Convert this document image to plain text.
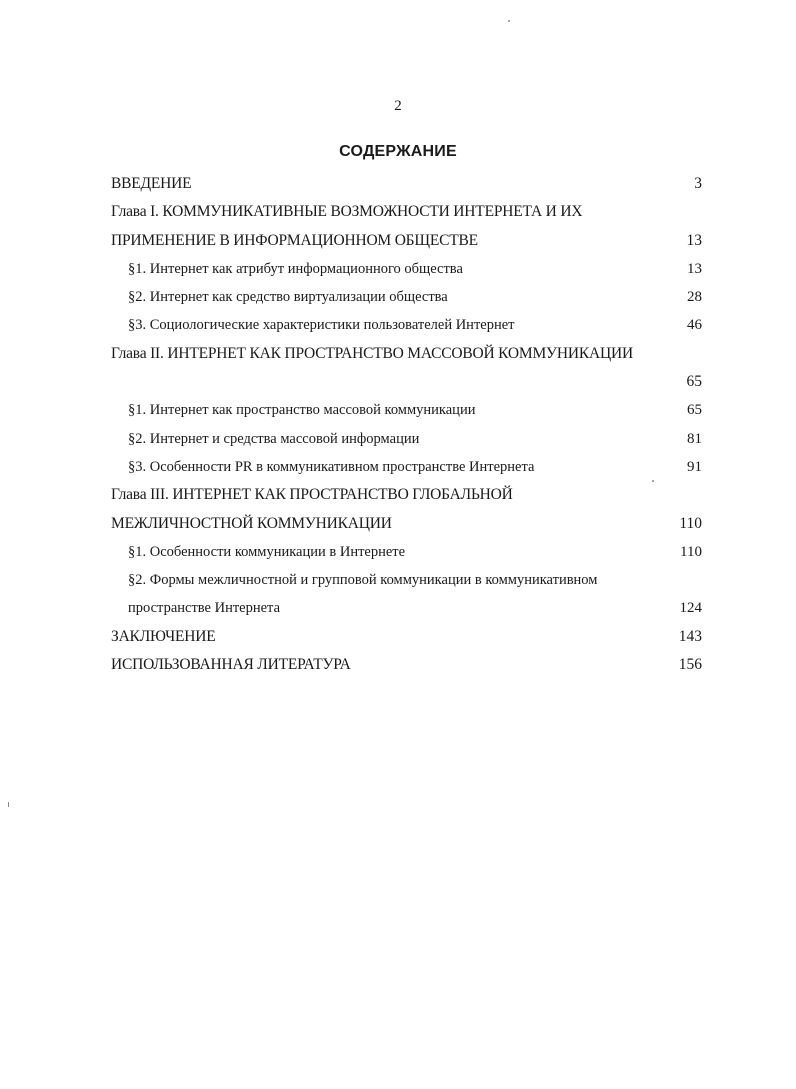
2
СОДЕРЖАНИЕ
ВВЕДЕНИЕ	3
Глава I. КОММУНИКАТИВНЫЕ ВОЗМОЖНОСТИ ИНТЕРНЕТА И ИХ
ПРИМЕНЕНИЕ В ИНФОРМАЦИОННОМ ОБЩЕСТВЕ	13
§1. Интернет как атрибут информационного общества	13
§2. Интернет как средство виртуализации общества	28
§3. Социологические характеристики пользователей Интернет	46
Глава II. ИНТЕРНЕТ КАК ПРОСТРАНСТВО МАССОВОЙ КОММУНИКАЦИИ
65
§1. Интернет как пространство массовой коммуникации	65
§2. Интернет и средства массовой информации	81
§3. Особенности PR в коммуникативном пространстве Интернета	91
Глава III. ИНТЕРНЕТ КАК ПРОСТРАНСТВО ГЛОБАЛЬНОЙ
МЕЖЛИЧНОСТНОЙ КОММУНИКАЦИИ	110
§1. Особенности коммуникации в Интернете	110
§2. Формы межличностной и групповой коммуникации в коммуникативном
пространстве Интернета	124
ЗАКЛЮЧЕНИЕ	143
ИСПОЛЬЗОВАННАЯ ЛИТЕРАТУРА	156
